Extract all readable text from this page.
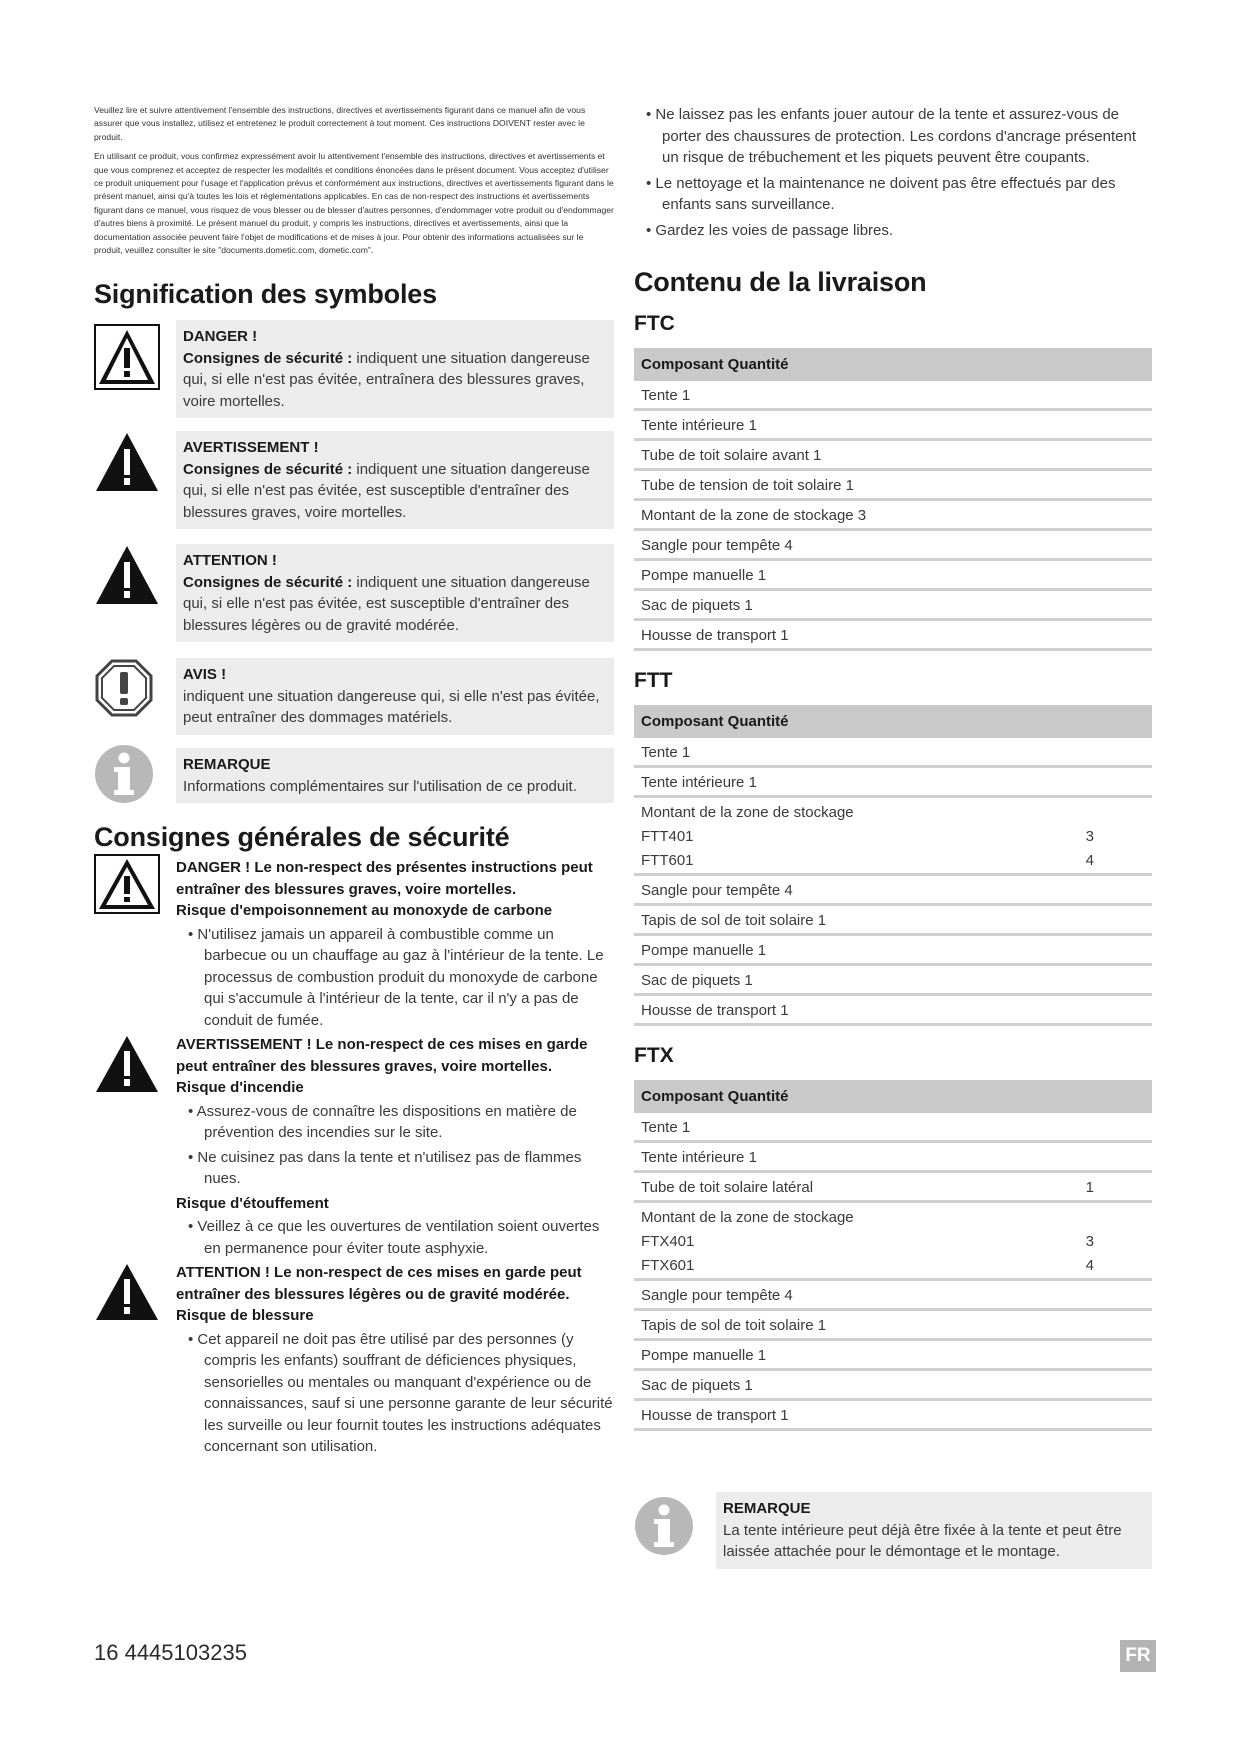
Veuillez lire et suivre attentivement l'ensemble des instructions, directives et avertissements figurant dans ce manuel afin de vous assurer que vous installez, utilisez et entretenez le produit correctement à tout moment. Ces instructions DOIVENT rester avec le produit.

En utilisant ce produit, vous confirmez expressément avoir lu attentivement l'ensemble des instructions, directives et avertissements et que vous comprenez et acceptez de respecter les modalités et conditions énoncées dans le présent document. Vous acceptez d'utiliser ce produit uniquement pour l'usage et l'application prévus et conformément aux instructions, directives et avertissements figurant dans le présent manuel, ainsi qu'à toutes les lois et réglementations applicables. En cas de non-respect des instructions et avertissements figurant dans ce manuel, vous risquez de vous blesser ou de blesser d'autres personnes, d'endommager votre produit ou d'endommager d'autres biens à proximité. Le présent manuel du produit, y compris les instructions, directives et avertissements, ainsi que la documentation associée peuvent faire l'objet de modifications et de mises à jour. Pour obtenir des informations actualisées sur le produit, veuillez consulter le site "documents.dometic.com, dometic.com".

Signification des symboles
DANGER !
Consignes de sécurité : indiquent une situation dangereuse qui, si elle n'est pas évitée, entraînera des blessures graves, voire mortelles.
AVERTISSEMENT !
Consignes de sécurité : indiquent une situation dangereuse qui, si elle n'est pas évitée, est susceptible d'entraîner des blessures graves, voire mortelles.
ATTENTION !
Consignes de sécurité : indiquent une situation dangereuse qui, si elle n'est pas évitée, est susceptible d'entraîner des blessures légères ou de gravité modérée.
AVIS !
indiquent une situation dangereuse qui, si elle n'est pas évitée, peut entraîner des dommages matériels.
REMARQUE
Informations complémentaires sur l'utilisation de ce produit.
Consignes générales de sécurité
DANGER ! Le non-respect des présentes instructions peut entraîner des blessures graves, voire mortelles.
Risque d'empoisonnement au monoxyde de carbone
• N'utilisez jamais un appareil à combustible comme un barbecue ou un chauffage au gaz à l'intérieur de la tente. Le processus de combustion produit du monoxyde de carbone qui s'accumule à l'intérieur de la tente, car il n'y a pas de conduit de fumée.
AVERTISSEMENT ! Le non-respect de ces mises en garde peut entraîner des blessures graves, voire mortelles.
Risque d'incendie
• Assurez-vous de connaître les dispositions en matière de prévention des incendies sur le site.
• Ne cuisinez pas dans la tente et n'utilisez pas de flammes nues.
Risque d'étouffement
• Veillez à ce que les ouvertures de ventilation soient ouvertes en permanence pour éviter toute asphyxie.
ATTENTION ! Le non-respect de ces mises en garde peut entraîner des blessures légères ou de gravité modérée.
Risque de blessure
• Cet appareil ne doit pas être utilisé par des personnes (y compris les enfants) souffrant de déficiences physiques, sensorielles ou mentales ou manquant d'expérience ou de connaissances, sauf si une personne garante de leur sécurité les surveille ou leur fournit toutes les instructions adéquates concernant son utilisation.
• Ne laissez pas les enfants jouer autour de la tente et assurez-vous de porter des chaussures de protection. Les cordons d'ancrage présentent un risque de trébuchement et les piquets peuvent être coupants.
• Le nettoyage et la maintenance ne doivent pas être effectués par des enfants sans surveillance.
• Gardez les voies de passage libres.
Contenu de la livraison
FTC
Composant Quantité
Tente 1
Tente intérieure 1
Tube de toit solaire avant 1
Tube de tension de toit solaire 1
Montant de la zone de stockage 3
Sangle pour tempête 4
Pompe manuelle 1
Sac de piquets 1
Housse de transport 1
FTT
Composant Quantité	
Tente 1	
Tente intérieure 1	
Montant de la zone de stockage	
FTT401	3
FTT601	4
Sangle pour tempête 4	
Tapis de sol de toit solaire 1	
Pompe manuelle 1	
Sac de piquets 1	
Housse de transport 1	
FTX
Composant Quantité	
Tente 1	
Tente intérieure 1	
Tube de toit solaire latéral	1
Montant de la zone de stockage	
FTX401	3
FTX601	4
Sangle pour tempête 4	
Tapis de sol de toit solaire 1	
Pompe manuelle 1	
Sac de piquets 1	
Housse de transport 1	
REMARQUE
La tente intérieure peut déjà être fixée à la tente et peut être laissée attachée pour le démontage et le montage.
16 4445103235	FR
